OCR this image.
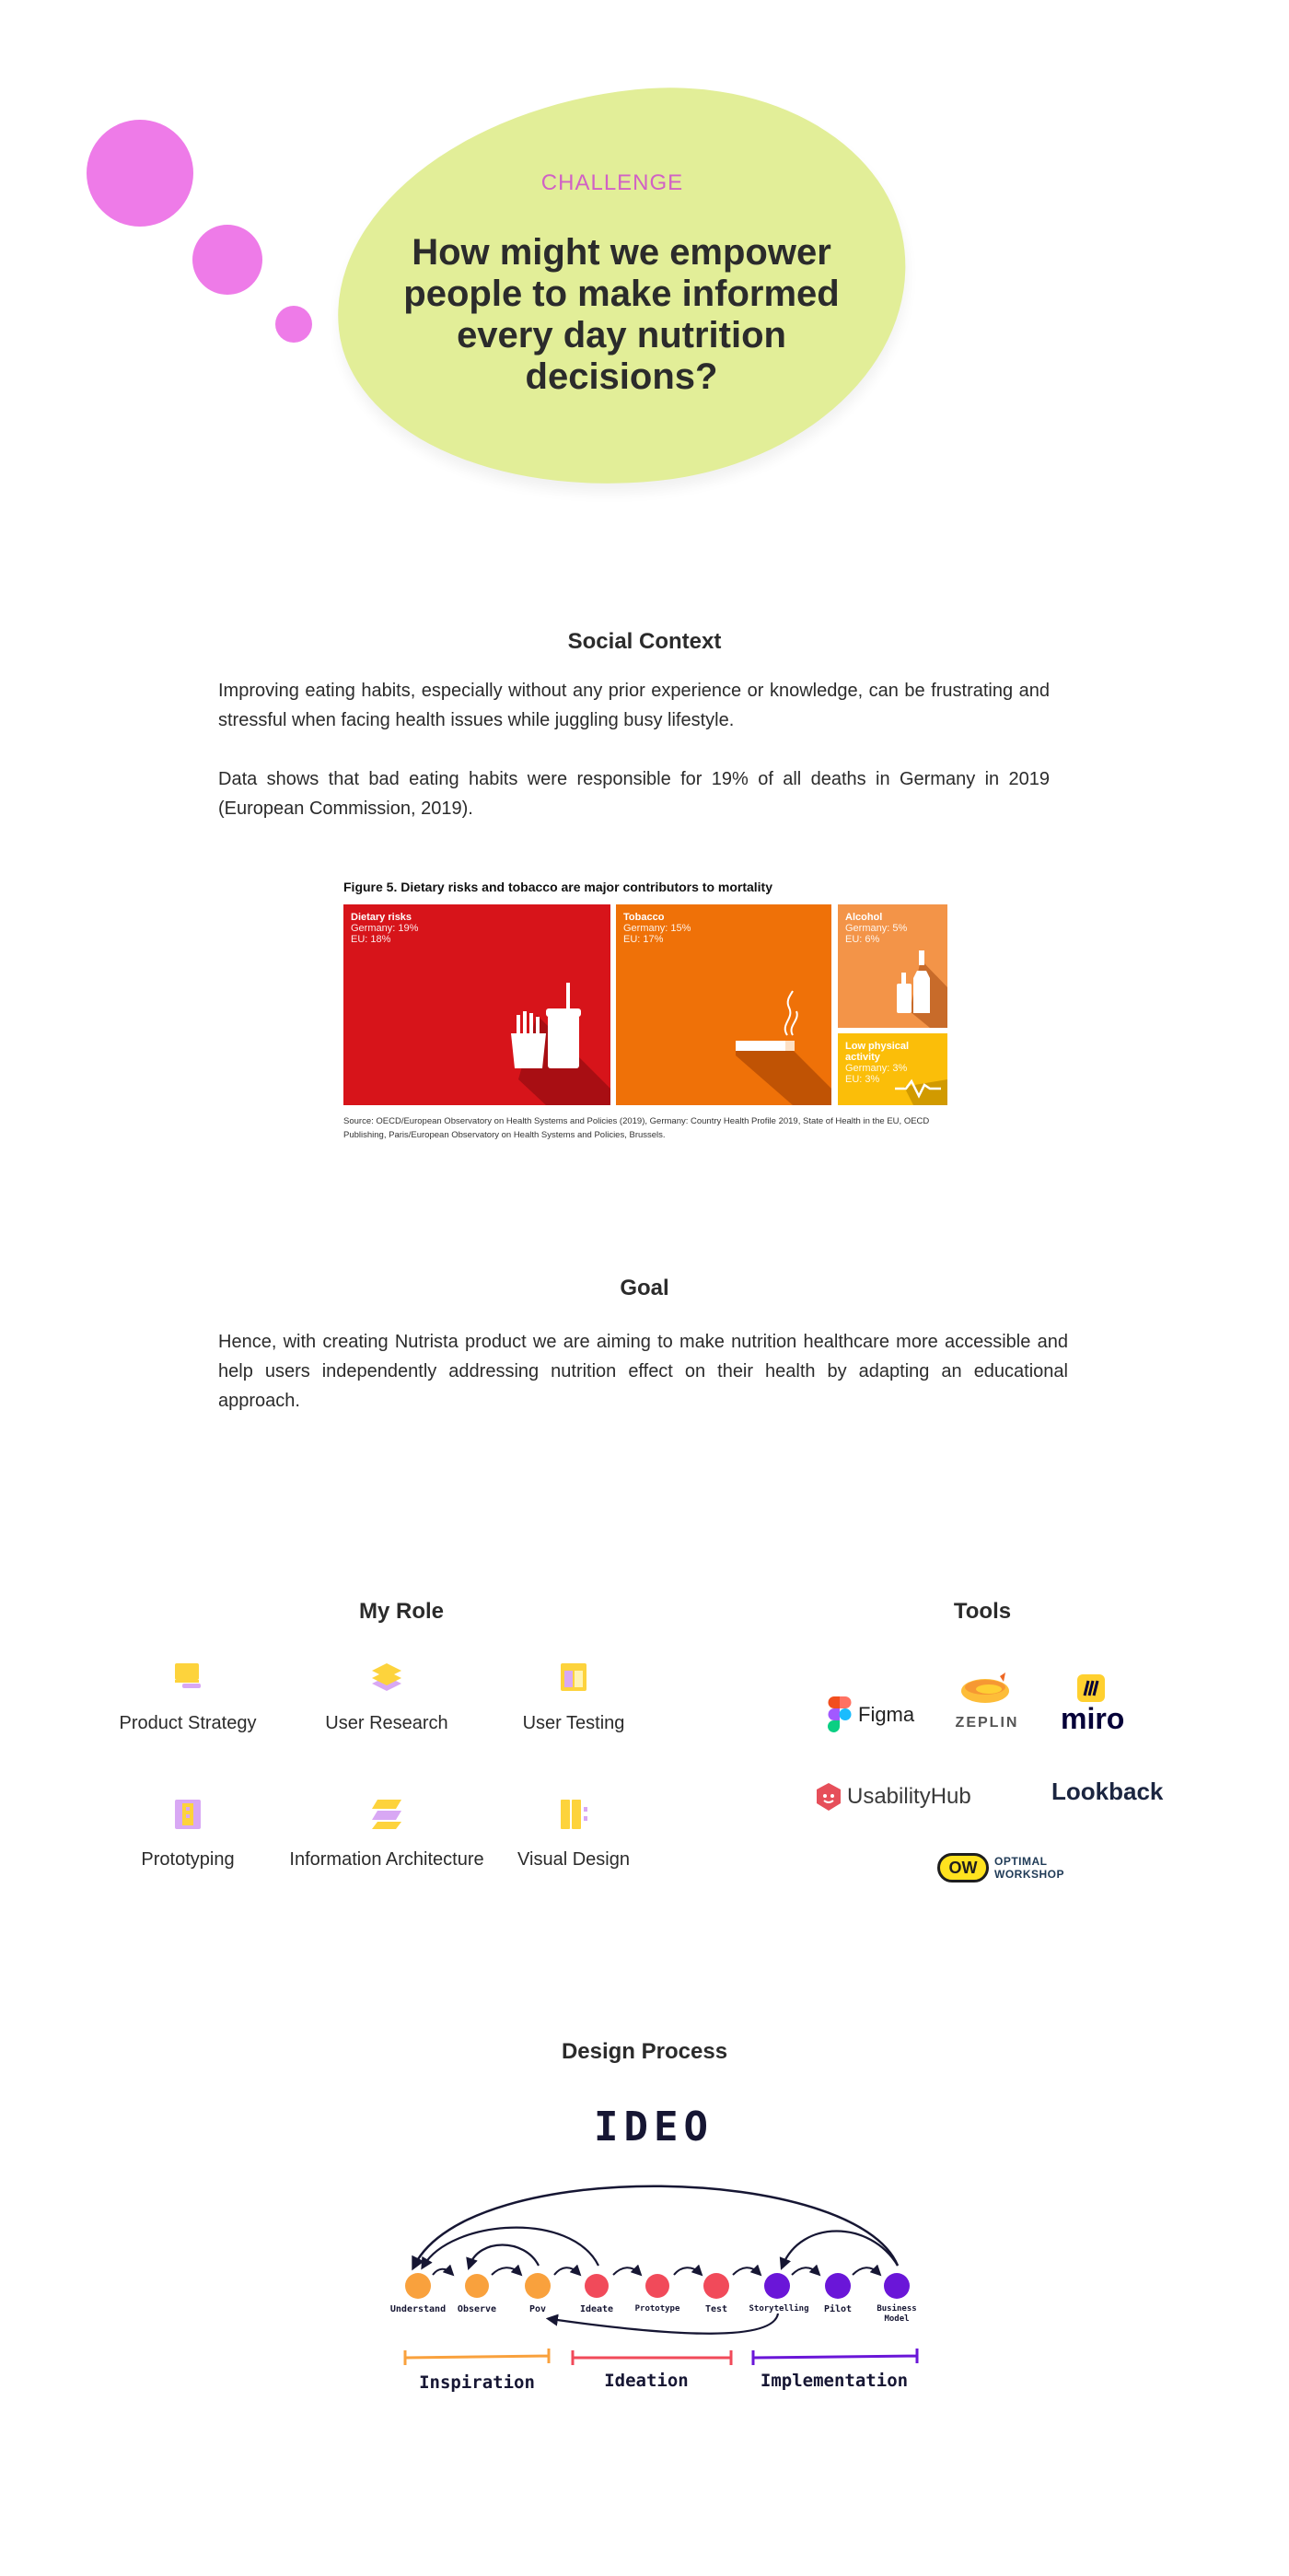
CHALLENGE
How might we empower people to make informed every day nutrition decisions?
Social Context
Improving eating habits, especially without any prior experience or knowledge, can be frustrating and stressful when facing health issues while juggling busy lifestyle.
Data shows that bad eating habits were responsible for 19% of all deaths in Germany in 2019 (European Commission, 2019).
Figure 5. Dietary risks and tobacco are major contributors to mortality
Dietary risks
Germany: 19%
EU: 18%
Tobacco
Germany: 15%
EU: 17%
Alcohol
Germany: 5%
EU: 6%
Low physical activity
Germany: 3%
EU: 3%
Source: OECD/European Observatory on Health Systems and Policies (2019), Germany: Country Health Profile 2019, State of Health in the EU, OECD Publishing, Paris/European Observatory on Health Systems and Policies, Brussels.
Goal
Hence, with creating Nutrista product we are aiming to make nutrition healthcare more accessible and help users independently addressing nutrition effect on their health by adapting an educational approach.
My Role
Product Strategy	User Research	User Testing
Prototyping	Information Architecture	Visual Design
Tools
Figma	ZEPLIN miro
UsabilityHub	Lookback
OW	OPTIMAL
WORKSHOP
Design Process
IDEO
Understand	Observe	Pov	Ideate	Prototype	Test	Storytelling	Pilot	Business Model
Inspiration	Ideation	Implementation
